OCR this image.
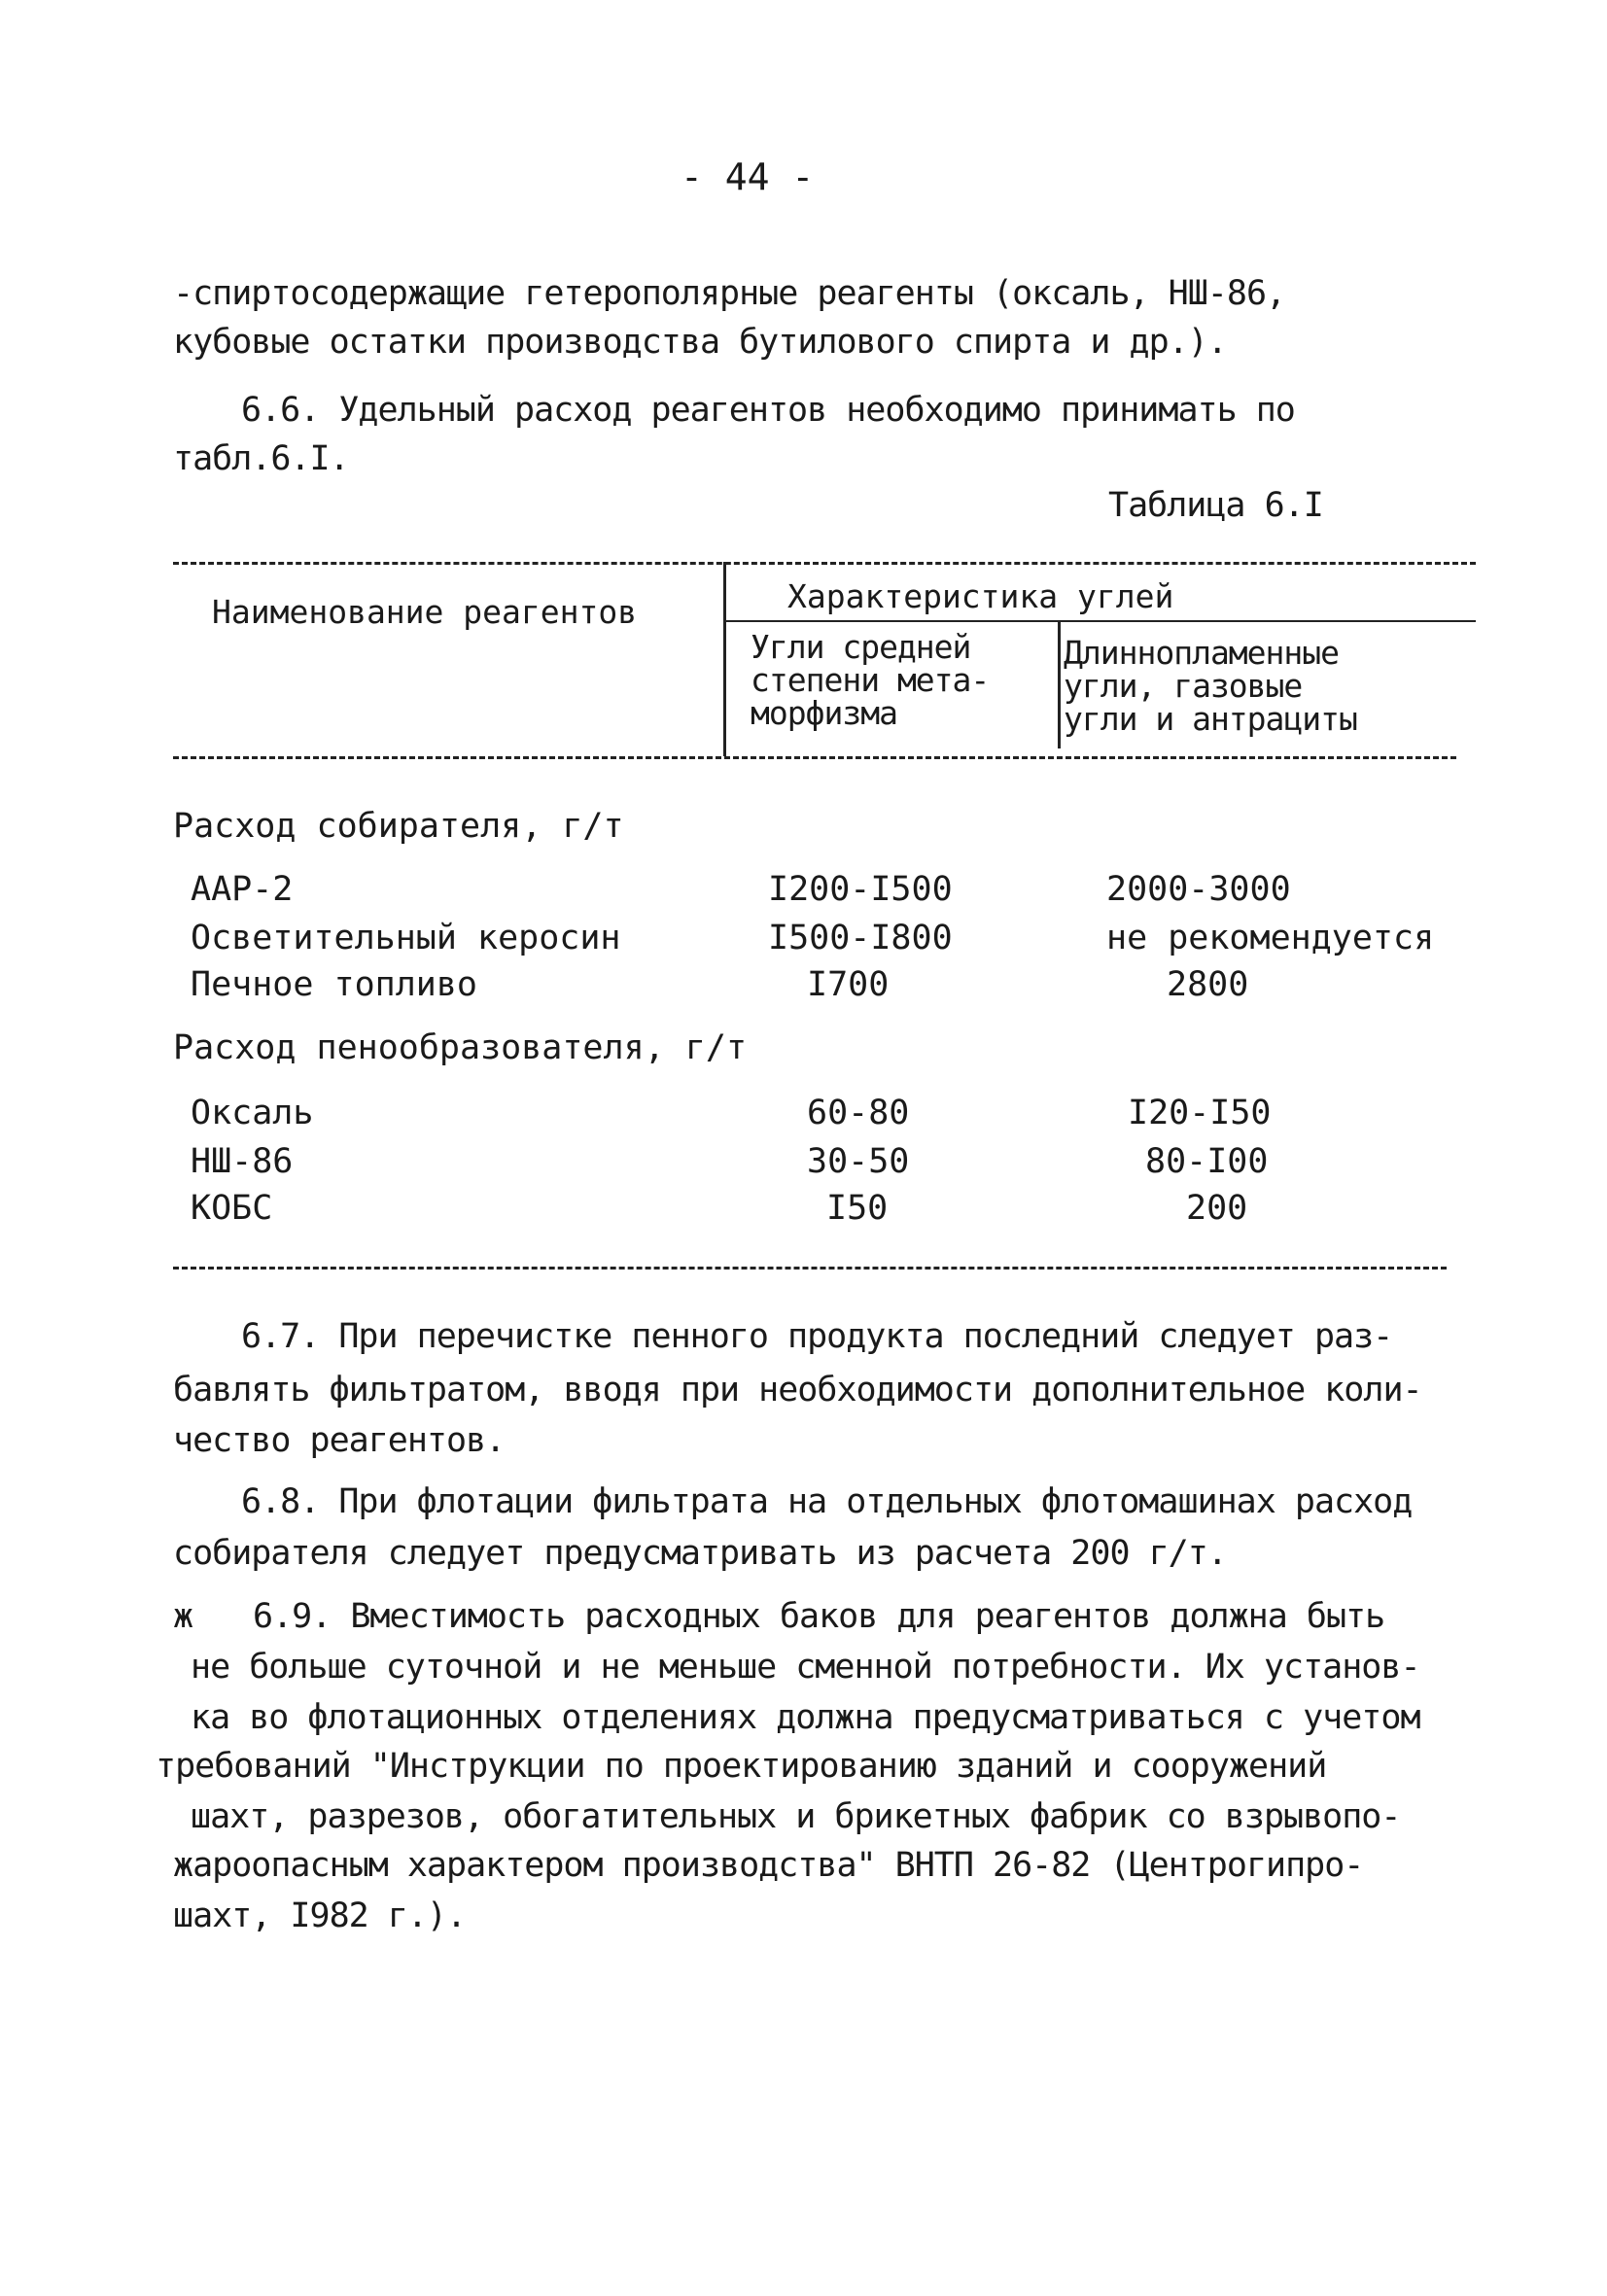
- 44 -
-спиртосодержащие гетерополярные реагенты (оксаль, НШ-86,
кубовые остатки производства бутилового спирта и др.).
6.6. Удельный расход реагентов необходимо принимать по
табл.6.I.
Таблица 6.I
Наименование реагентов	Характеристика углей
Угли средней
степени мета-
морфизма
Длиннопламенные
угли, газовые
угли и антрациты
Расход собирателя, г/т
AAP-2	I200-I500	2000-3000
Осветительный керосин	I500-I800	не рекомендуется
Печное топливо	I700	2800
Расход пенообразователя, г/т
Оксаль	60-80	I20-I50
НШ-86	30-50	80-I00
КОБС	I50	200
6.7. При перечистке пенного продукта последний следует раз-
бавлять фильтратом, вводя при необходимости дополнительное коли-
чество реагентов.
6.8. При флотации фильтрата на отдельных флотомашинах расход
собирателя следует предусматривать из расчета 200 г/т.
ж 6.9. Вместимость расходных баков для реагентов должна быть
не больше суточной и не меньше сменной потребности. Их установ-
ка во флотационных отделениях должна предусматриваться с учетом
требований "Инструкции по проектированию зданий и сооружений
шахт, разрезов, обогатительных и брикетных фабрик со взрывопо-
жароопасным характером производства" ВНТП 26-82 (Центрогипро-
шахт, I982 г.).
